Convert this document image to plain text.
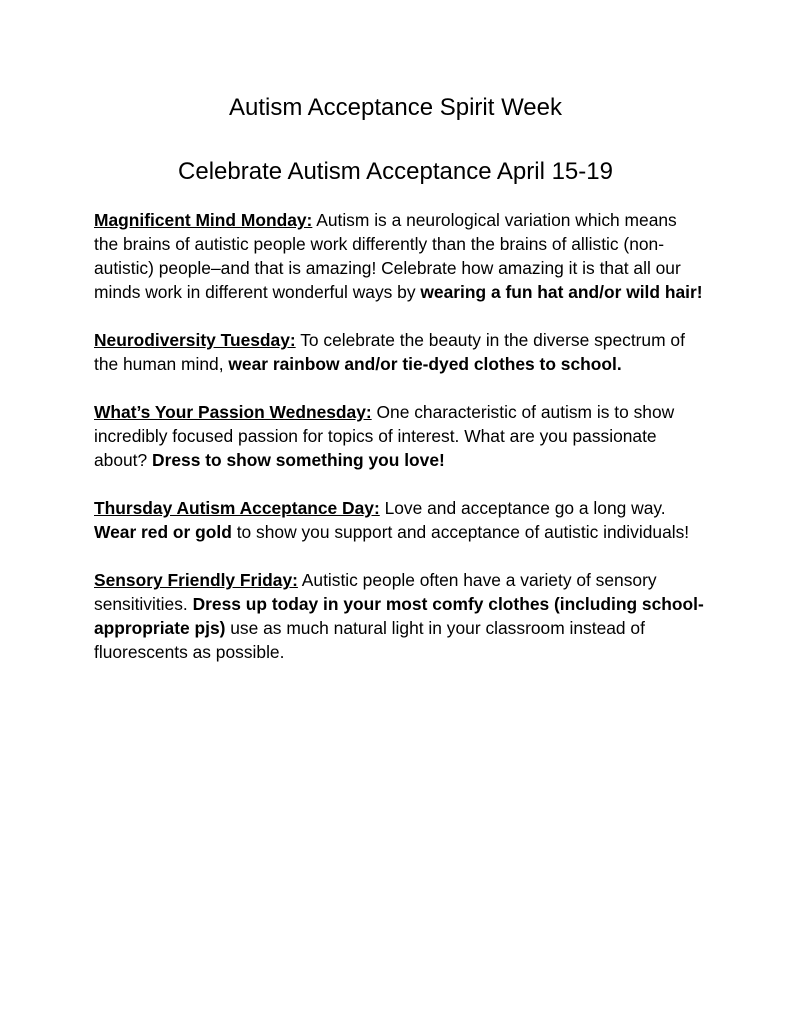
Autism Acceptance Spirit Week
Celebrate Autism Acceptance April 15-19

Magnificent Mind Monday: Autism is a neurological variation which means the brains of autistic people work differently than the brains of allistic (non-autistic) people–and that is amazing! Celebrate how amazing it is that all our minds work in different wonderful ways by wearing a fun hat and/or wild hair!

Neurodiversity Tuesday: To celebrate the beauty in the diverse spectrum of the human mind, wear rainbow and/or tie-dyed clothes to school.

What’s Your Passion Wednesday: One characteristic of autism is to show incredibly focused passion for topics of interest. What are you passionate about? Dress to show something you love!

Thursday Autism Acceptance Day: Love and acceptance go a long way. Wear red or gold to show you support and acceptance of autistic individuals!

Sensory Friendly Friday: Autistic people often have a variety of sensory sensitivities. Dress up today in your most comfy clothes (including school-appropriate pjs) use as much natural light in your classroom instead of fluorescents as possible.
